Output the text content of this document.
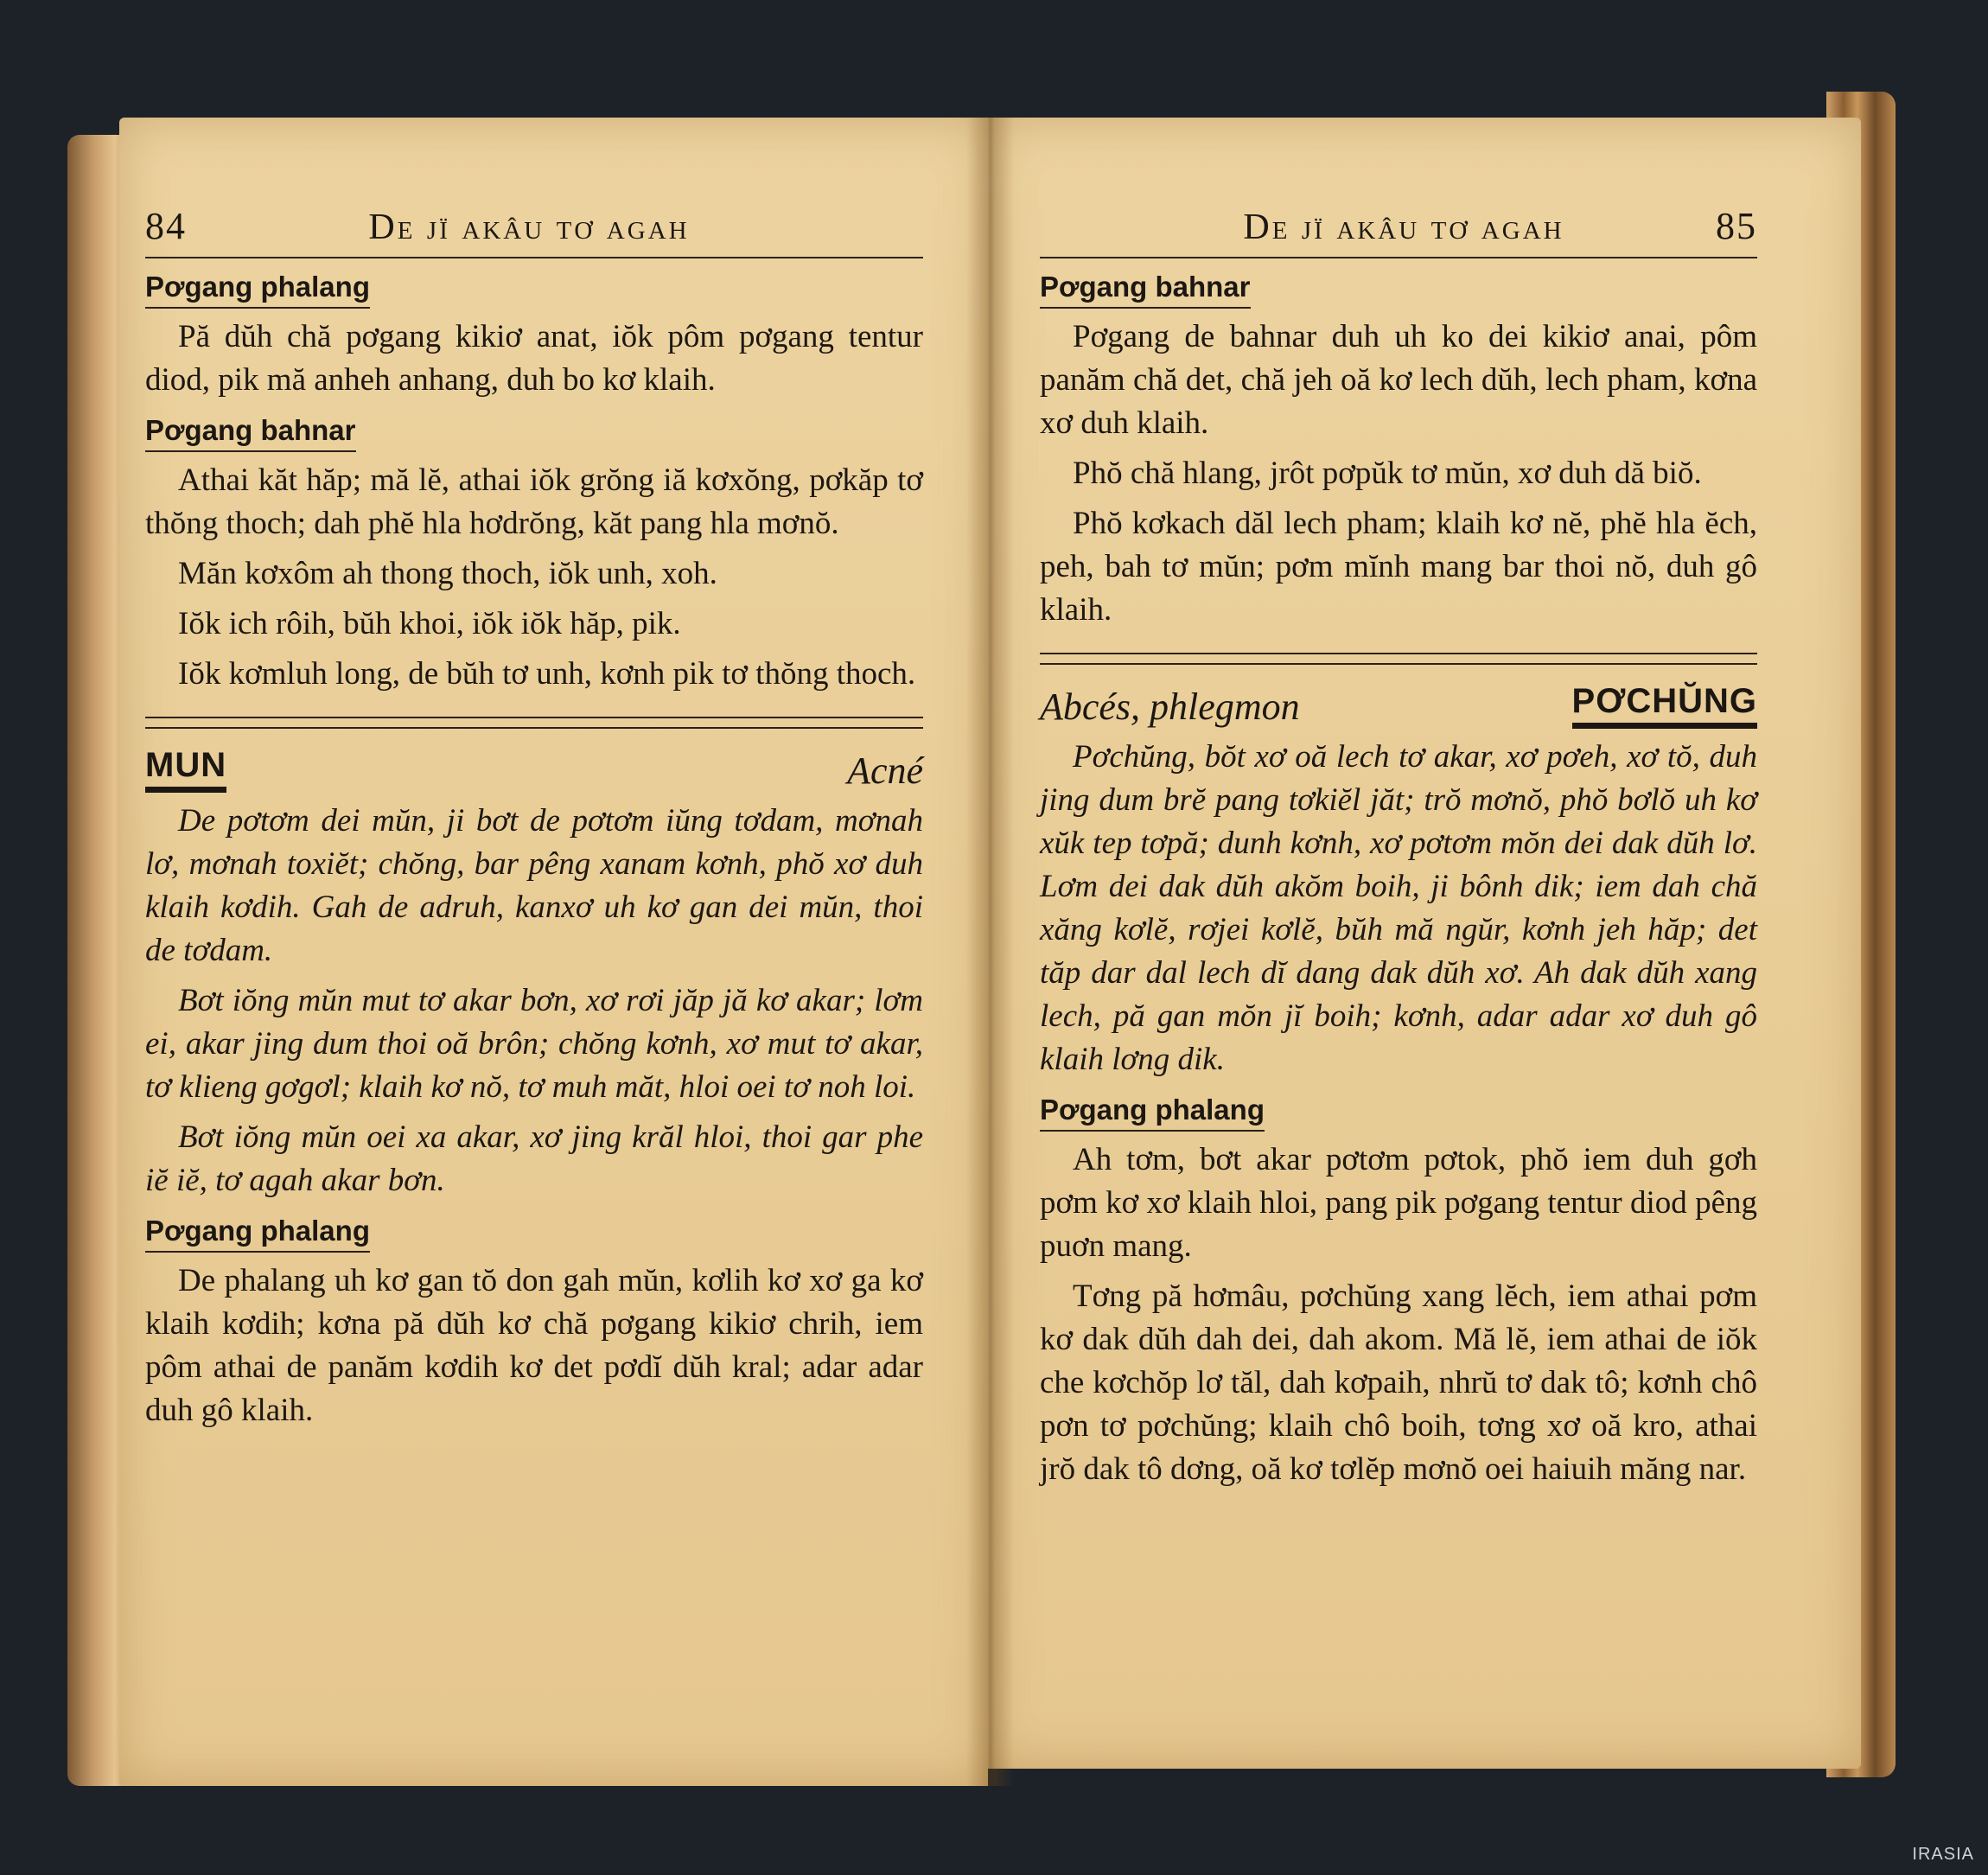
84	De jï akâu tơ agah
Pơgang phalang

Pă dŭh chă pơgang kikiơ anat, iŏk pôm pơgang tentur diod, pik mă anheh anhang, duh bo kơ klaih.

Pơgang bahnar

Athai kăt hăp; mă lĕ, athai iŏk grŏng iă kơxŏng, pơkăp tơ thŏng thoch; dah phĕ hla hơdrŏng, kăt pang hla mơnŏ.

Măn kơxôm ah thong thoch, iŏk unh, xoh.

Iŏk ich rôih, bŭh khoi, iŏk iŏk hăp, pik.

Iŏk kơmluh long, de bŭh tơ unh, kơnh pik tơ thŏng thoch.

MUN	Acné

De pơtơm dei mŭn, ji bơt de pơtơm iŭng tơdam, mơnah lơ, mơnah toxiĕt; chŏng, bar pêng xanam kơnh, phŏ xơ duh klaih kơdih. Gah de adruh, kanxơ uh kơ gan dei mŭn, thoi de tơdam.

Bơt iŏng mŭn mut tơ akar bơn, xơ rơi jăp jă kơ akar; lơm ei, akar jing dum thoi oă brôn; chŏng kơnh, xơ mut tơ akar, tơ klieng gơgơl; klaih kơ nŏ, tơ muh măt, hloi oei tơ noh loi.

Bơt iŏng mŭn oei xa akar, xơ jing krăl hloi, thoi gar phe iĕ iĕ, tơ agah akar bơn.

Pơgang phalang

De phalang uh kơ gan tŏ don gah mŭn, kơlih kơ xơ ga kơ klaih kơdih; kơna pă dŭh kơ chă pơgang kikiơ chrih, iem pôm athai de panăm kơdih kơ det pơdĭ dŭh kral; adar adar duh gô klaih.

De jï akâu tơ agah	85
Pơgang bahnar

Pơgang de bahnar duh uh ko dei kikiơ anai, pôm panăm chă det, chă jeh oă kơ lech dŭh, lech pham, kơna xơ duh klaih.

Phŏ chă hlang, jrôt pơpŭk tơ mŭn, xơ duh dă biŏ.

Phŏ kơkach dăl lech pham; klaih kơ nĕ, phĕ hla ĕch, peh, bah tơ mŭn; pơm mĭnh mang bar thoi nŏ, duh gô klaih.

Abcés, phlegmon	PƠCHŬNG

Pơchŭng, bŏt xơ oă lech tơ akar, xơ pơeh, xơ tŏ, duh jing dum brĕ pang tơkiĕl jăt; trŏ mơnŏ, phŏ bơlŏ uh kơ xŭk tep tơpă; dunh kơnh, xơ pơtơm mŏn dei dak dŭh lơ. Lơm dei dak dŭh akŏm boih, ji bônh dik; iem dah chă xăng kơlĕ, rơjei kơlĕ, bŭh mă ngŭr, kơnh jeh hăp; det tăp dar dal lech dĭ dang dak dŭh xơ. Ah dak dŭh xang lech, pă gan mŏn jĭ boih; kơnh, adar adar xơ duh gô klaih lơng dik.

Pơgang phalang

Ah tơm, bơt akar pơtơm pơtok, phŏ iem duh gơh pơm kơ xơ klaih hloi, pang pik pơgang tentur diod pêng puơn mang.

Tơng pă hơmâu, pơchŭng xang lĕch, iem athai pơm kơ dak dŭh dah dei, dah akom. Mă lĕ, iem athai de iŏk che kơchŏp lơ tăl, dah kơpaih, nhrŭ tơ dak tô; kơnh chô pơn tơ pơchŭng; klaih chô boih, tơng xơ oă kro, athai jrŏ dak tô dơng, oă kơ tơlĕp mơnŏ oei haiuih măng nar.

IRASIA
